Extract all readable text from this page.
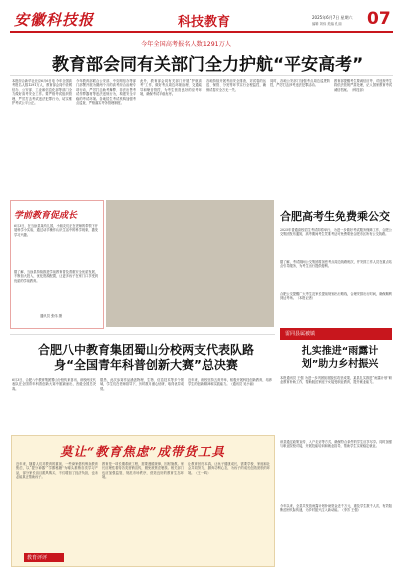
安徽科技报	科技教育	2025年6月7日 星期六
编辑 刘伟 美编 孔丽 07
今年全国高考报名人数1291万人
教育部会同有关部门全力护航“平安高考”
本报综合新华社北京6月6日电 今年全国高考报名人数1291万人，教育部会同中央网信办、公安部、工业和信息化部等部门全力做好高考安全工作。要严格考试组织管理，严厉打击考试违法犯罪行为，切实维护考试公平公正。
今年教育部联合公安部、中央网信办等部门部署开展为期两个月的高考综合治理专项行动，严厉打击助考舞弊、非法出售考试作弊器材等违法违规行为，构建安全平稳的考试环境。各地招生考试机构加强考点巡查，严格落实考务管理制度。
此外，教育部会同有关部门开展“护航高考”工作，做好考点周边环境治理、交通疏导和噪音管控，为考生营造良好的应考环境，确保考试平稳有序。
各地持续开展考前安全排查，对试卷的运送、保管、分发等环节实行全程监控，确保试卷安全万无一失。
同时，各地公安部门加强考点周边巡逻防控，严厉打击涉考违法犯罪活动。
教育部提醒考生要诚信应考，对违规考生将依法依规严肃处理，记入国家教育考试诚信档案。（科技部）
学前教育促成长
6月3日，在当涂县某幼儿园，小朋友们正在老师的带领下开展科学小实验，通过动手操作认识生活中的科学现象，激发学习兴趣。
据了解，当涂县持续推进学前教育普及普惠安全优质发展，不断加大投入，优化资源配置，让更多孩子在家门口享受到优质的学前教育。
通讯员 张伟 摄
合肥高考生免费乘公交
2025年普通高校招生考试即将举行，为进一步做好考试服务保障工作，合肥公交集团发布通知，高考期间考生凭准考证可免费乘坐合肥市区所有公交线路。
据了解，考试期间公交集团将加密考点周边线路班次，并安排工作人员在重点站点引导服务，为考生出行提供便利。
合肥公交提醒广大考生及家长提前规划出行路线，合理安排出行时间，确保顺利到达考场。（本报记者）
雷同县属被镇
扎实推进“雨露计划”助力乡村振兴
本报通讯员 王强 为进一步巩固拓展脱贫攻坚成果，某县扎实推进“雨露计划”职业教育补助工作，帮助脱贫家庭子女接受职业教育，提升就业能力。
该县通过政策宣传、入户走访等方式，确保符合条件的学生应享尽享。同时加强与职业院校对接，开展技能培训和就业指导，帮助学生实现稳定就业。
今年以来，全县共发放雨露计划补助资金近千万元，惠及学生数千人次，有效阻断贫困代际传递，为乡村振兴注入新动能。（李芳 王强）
合肥八中教育集团蜀山分校两支代表队路身“全国青年科普创新大赛”总决赛
6月3日，合肥八中教育集团蜀山分校传来喜讯，该校两支代表队在全国青年科普创新大赛中脱颖而出，晋级全国总决赛。
据悉，此次参赛作品涵盖物理、生物、信息技术等多个领域，学生们在老师指导下，历时数月潜心钻研，取得优异成绩。
近年来，该校坚持五育并举，积极开展科技创新教育，培养学生的创新精神和实践能力。（通讯员 吴小丽）
莫让“教育焦虑”成带货工具
近年来，随着人们对教育的重视，一些商家借机贩卖教育焦虑，以“提分神器”“学霸秘籍”为噱头推销各类学习产品，部分家长盲目跟风购买，不仅增加了经济负担，也未必能真正帮助孩子。
教育是一项长期系统工程，需要遵循规律，因材施教。家长应理性看待各类营销宣传，避免被焦虑裹挟。相关部门也应加强监管，规范市场秩序，营造良好的教育生态环境。
让教育回归本真，让孩子健康成长，需要学校、家庭和社会共同努力，摒弃功利心态，为孩子的成长创造宽松的环境。（王一鸣）
教育评评
